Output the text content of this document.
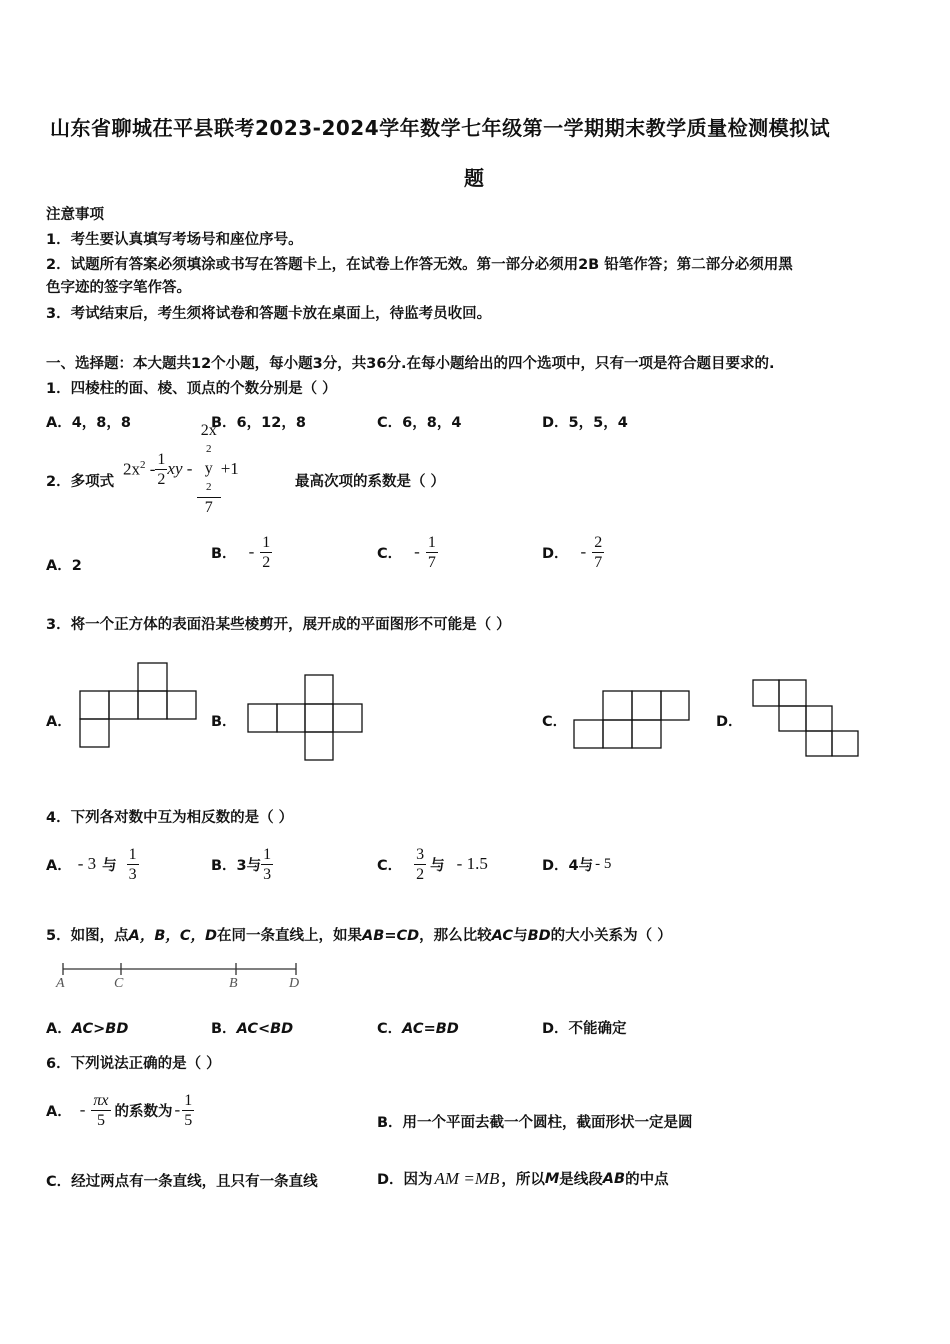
山东省聊城茌平县联考2023-2024学年数学七年级第一学期期末教学质量检测模拟试
题
注意事项
1．考生要认真填写考场号和座位序号。
2．试题所有答案必须填涂或书写在答题卡上，在试卷上作答无效。第一部分必须用2B 铅笔作答；第二部分必须用黑
色字迹的签字笔作答。
3．考试结束后，考生须将试卷和答题卡放在桌面上，待监考员收回。
一、选择题：本大题共12个小题，每小题3分，共36分.在每小题给出的四个选项中，只有一项是符合题目要求的.
1．四棱柱的面、棱、顶点的个数分别是（ ）
A．4，8，8	B．6，12，8	C．6，8，4	D．5，5，4
2．多项式
$2x^2 - \frac{1}{2}$ xy - 2x
2
y
2
7 +1
最高次项的系数是（ ）
A．2
B． - $\frac{1}{2}$	C． - $\frac{1}{7}$	D． - $\frac{2}{7}$
3．将一个正方体的表面沿某些棱剪开，展开成的平面图形不可能是（ ）
A．	B．	C．	D．
4．下列各对数中互为相反数的是（ ）
A． - 3 与 $\frac{1}{3}$	B．3与 $\frac{1}{3}$	C． $\frac{3}{2}$ 与 - 1.5	D．4与 - 5
5．如图，点A，B，C，D在同一条直线上，如果AB=CD，那么比较AC与BD的大小关系为（ ）
A	C	B	D
A．AC>BD	B．AC<BD	C．AC=BD	D．不能确定
6．下列说法正确的是（ ）
A． - $\frac{\pi x}{5}$ 的系数为 - $\frac{1}{5}$	B．用一个平面去截一个圆柱，截面形状一定是圆
C．经过两点有一条直线，且只有一条直线	D．因为 AM =MB ，所以 M 是线段 AB 的中点
